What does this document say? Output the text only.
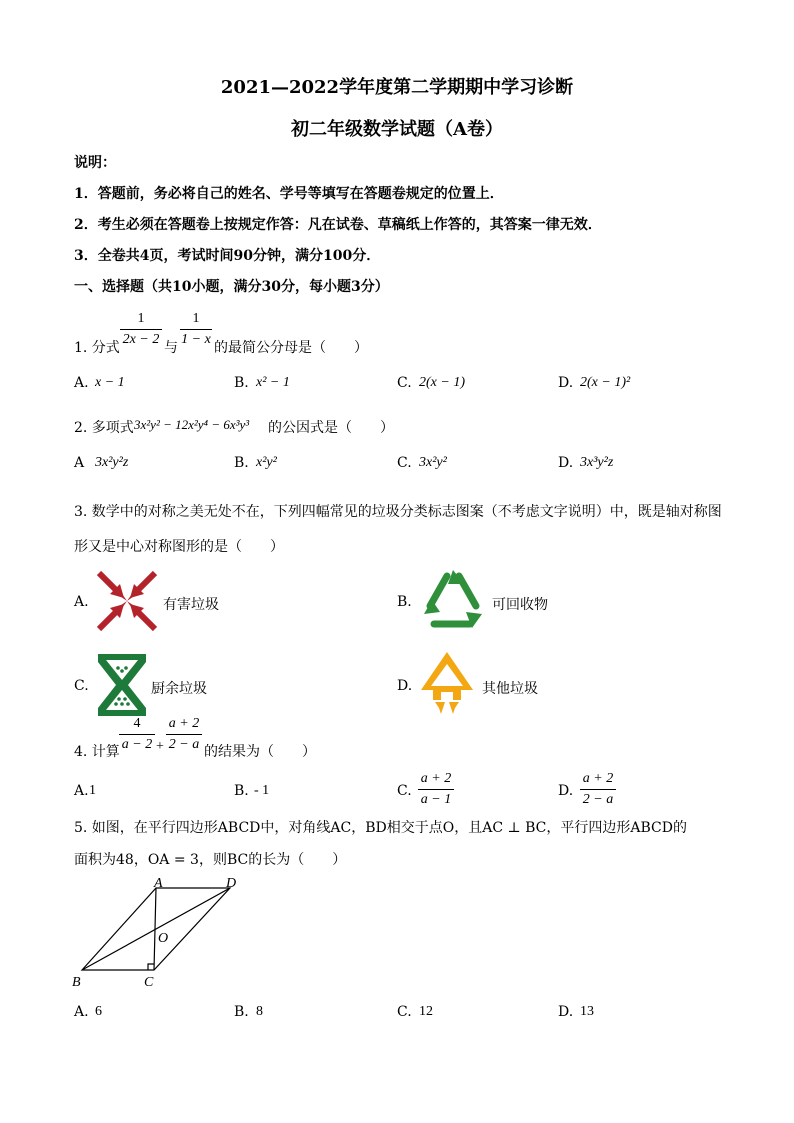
2021—2022学年度第二学期期中学习诊断
初二年级数学试题（A卷）
说明：
1．答题前，务必将自己的姓名、学号等填写在答题卷规定的位置上．
2．考生必须在答题卷上按规定作答：凡在试卷、草稿纸上作答的，其答案一律无效．
3．全卷共4页，考试时间90分钟，满分100分．
一、选择题（共10小题，满分30分，每小题3分）
1. 分式
1
2x − 2
与
1
1 − x
的最简公分母是（　　）
A. x − 1	B. x² − 1	C. 2(x − 1)	D. 2(x − 1)²
2. 多项式 3x²y² − 12x²y⁴ − 6x³y³ 的公因式是（　　）
A 3x²y²z	B. x²y²	C. 3x²y²	D. 3x³y²z
3. 数学中的对称之美无处不在，下列四幅常见的垃圾分类标志图案（不考虑文字说明）中，既是轴对称图
形又是中心对称图形的是（　　）
A.	有害垃圾	B.	可回收物
C.	厨余垃圾	D.	其他垃圾
4. 计算
4
a − 2 +
a + 2
2 − a 的结果为（　　）
A. 1	B. - 1	C.
a + 2
a − 1
D.
a + 2
2 − a
5. 如图，在平行四边形ABCD中，对角线AC，BD相交于点O，且AC ⊥ BC，平行四边形ABCD的
面积为48，OA = 3，则BC的长为（　　）
A	D
O
B	C
A. 6	B. 8	C. 12	D. 13
